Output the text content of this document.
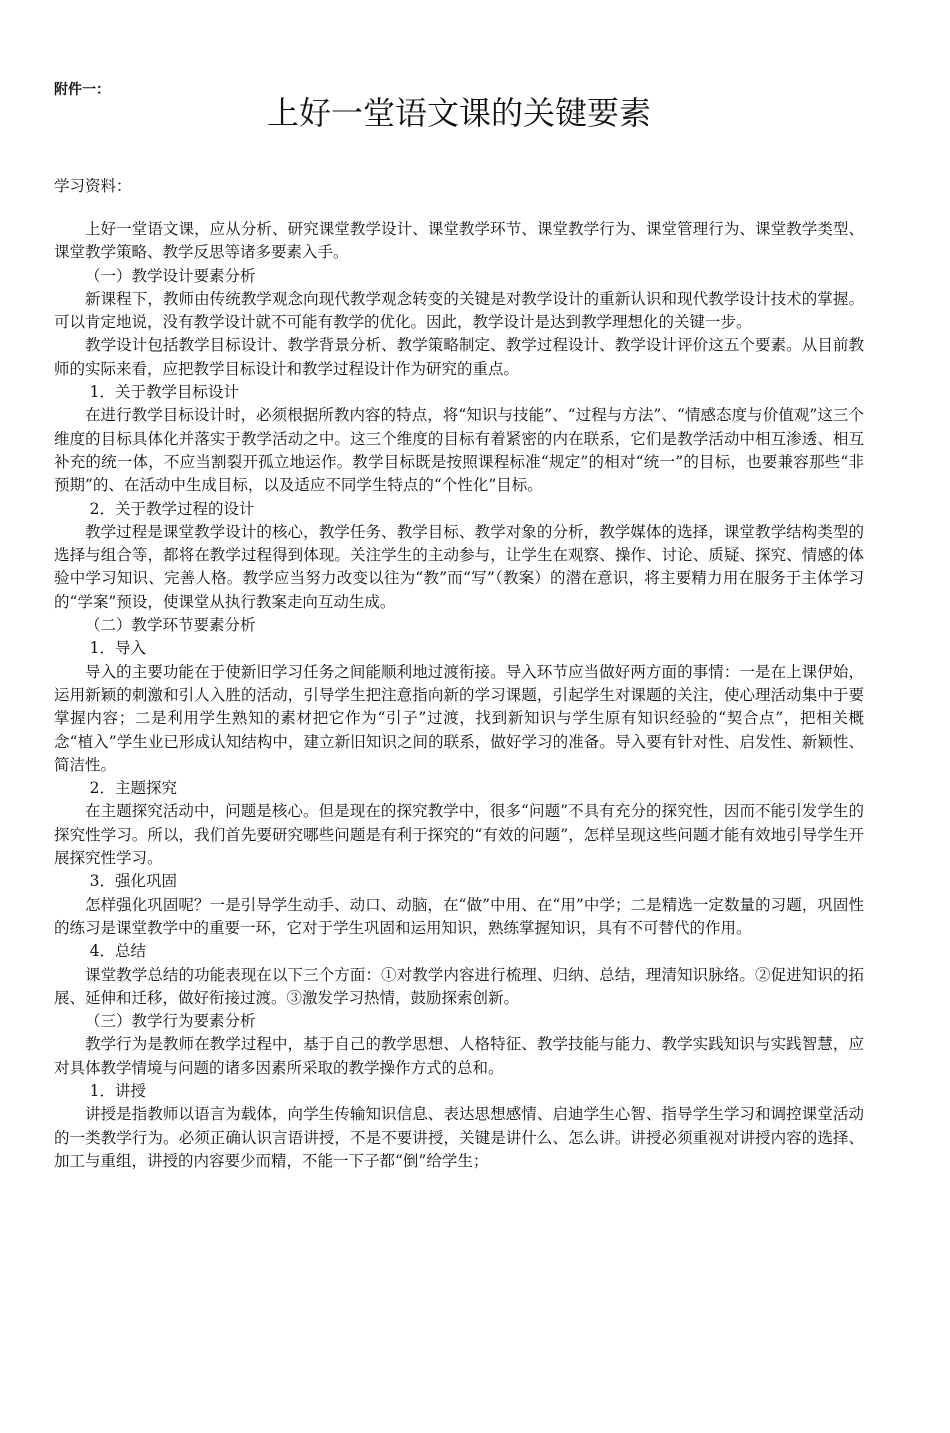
附件一：
上好一堂语文课的关键要素
学习资料：

上好一堂语文课，应从分析、研究课堂教学设计、课堂教学环节、课堂教学行为、课堂管理行为、课堂教学类型、课堂教学策略、教学反思等诸多要素入手。

（一）教学设计要素分析

新课程下，教师由传统教学观念向现代教学观念转变的关键是对教学设计的重新认识和现代教学设计技术的掌握。可以肯定地说，没有教学设计就不可能有教学的优化。因此，教学设计是达到教学理想化的关键一步。

教学设计包括教学目标设计、教学背景分析、教学策略制定、教学过程设计、教学设计评价这五个要素。从目前教师的实际来看，应把教学目标设计和教学过程设计作为研究的重点。

1．关于教学目标设计

在进行教学目标设计时，必须根据所教内容的特点，将“知识与技能”、“过程与方法”、“情感态度与价值观”这三个维度的目标具体化并落实于教学活动之中。这三个维度的目标有着紧密的内在联系，它们是教学活动中相互渗透、相互补充的统一体，不应当割裂开孤立地运作。教学目标既是按照课程标准“规定”的相对“统一”的目标，也要兼容那些“非预期”的、在活动中生成目标，以及适应不同学生特点的“个性化”目标。

2．关于教学过程的设计

教学过程是课堂教学设计的核心，教学任务、教学目标、教学对象的分析，教学媒体的选择，课堂教学结构类型的选择与组合等，都将在教学过程得到体现。关注学生的主动参与，让学生在观察、操作、讨论、质疑、探究、情感的体验中学习知识、完善人格。教学应当努力改变以往为“教”而“写”（教案）的潜在意识，将主要精力用在服务于主体学习的“学案”预设，使课堂从执行教案走向互动生成。

（二）教学环节要素分析

1．导入

导入的主要功能在于使新旧学习任务之间能顺利地过渡衔接。导入环节应当做好两方面的事情：一是在上课伊始，运用新颖的刺激和引人入胜的活动，引导学生把注意指向新的学习课题，引起学生对课题的关注，使心理活动集中于要掌握内容；二是利用学生熟知的素材把它作为“引子”过渡，找到新知识与学生原有知识经验的“契合点”，把相关概念“植入”学生业已形成认知结构中，建立新旧知识之间的联系，做好学习的准备。导入要有针对性、启发性、新颖性、简洁性。

2．主题探究

在主题探究活动中，问题是核心。但是现在的探究教学中，很多“问题”不具有充分的探究性，因而不能引发学生的探究性学习。所以，我们首先要研究哪些问题是有利于探究的“有效的问题”，怎样呈现这些问题才能有效地引导学生开展探究性学习。

3．强化巩固

怎样强化巩固呢？一是引导学生动手、动口、动脑，在“做”中用、在“用”中学；二是精选一定数量的习题，巩固性的练习是课堂教学中的重要一环，它对于学生巩固和运用知识，熟练掌握知识，具有不可替代的作用。

4．总结

课堂教学总结的功能表现在以下三个方面：①对教学内容进行梳理、归纳、总结，理清知识脉络。②促进知识的拓展、延伸和迁移，做好衔接过渡。③激发学习热情，鼓励探索创新。

（三）教学行为要素分析

教学行为是教师在教学过程中，基于自己的教学思想、人格特征、教学技能与能力、教学实践知识与实践智慧，应对具体教学情境与问题的诸多因素所采取的教学操作方式的总和。

1．讲授

讲授是指教师以语言为载体，向学生传输知识信息、表达思想感情、启迪学生心智、指导学生学习和调控课堂活动的一类教学行为。必须正确认识言语讲授，不是不要讲授，关键是讲什么、怎么讲。讲授必须重视对讲授内容的选择、加工与重组，讲授的内容要少而精，不能一下子都“倒”给学生；
